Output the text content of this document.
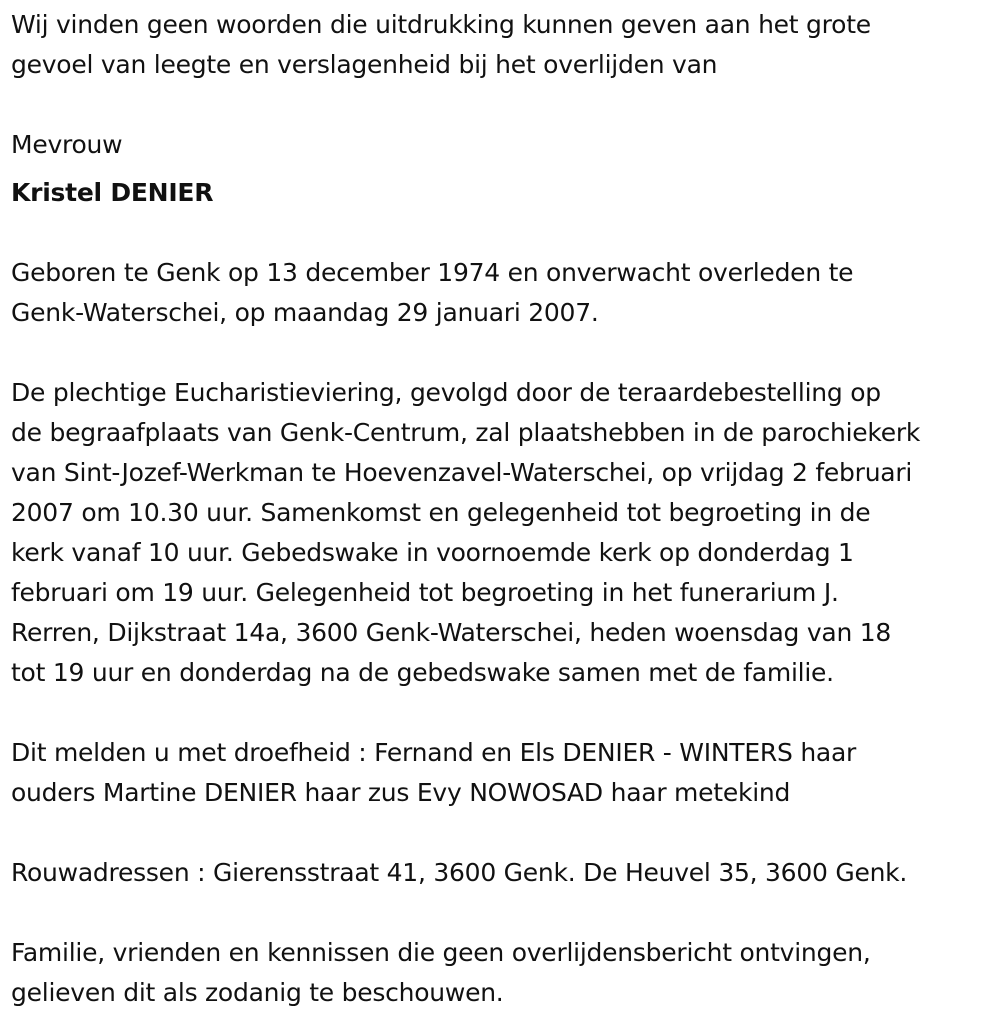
Wij vinden geen woorden die uitdrukking kunnen geven aan het grote
gevoel van leegte en verslagenheid bij het overlijden van
Mevrouw
Kristel DENIER
Geboren te Genk op 13 december 1974 en onverwacht overleden te
Genk-Waterschei, op maandag 29 januari 2007.
De plechtige Eucharistieviering, gevolgd door de teraardebestelling op
de begraafplaats van Genk-Centrum, zal plaatshebben in de parochiekerk
van Sint-Jozef-Werkman te Hoevenzavel-Waterschei, op vrijdag 2 februari
2007 om 10.30 uur. Samenkomst en gelegenheid tot begroeting in de
kerk vanaf 10 uur. Gebedswake in voornoemde kerk op donderdag 1
februari om 19 uur. Gelegenheid tot begroeting in het funerarium J.
Rerren, Dijkstraat 14a, 3600 Genk-Waterschei, heden woensdag van 18
tot 19 uur en donderdag na de gebedswake samen met de familie.
Dit melden u met droefheid : Fernand en Els DENIER - WINTERS haar
ouders Martine DENIER haar zus Evy NOWOSAD haar metekind
Rouwadressen : Gierensstraat 41, 3600 Genk. De Heuvel 35, 3600 Genk.
Familie, vrienden en kennissen die geen overlijdensbericht ontvingen,
gelieven dit als zodanig te beschouwen.
